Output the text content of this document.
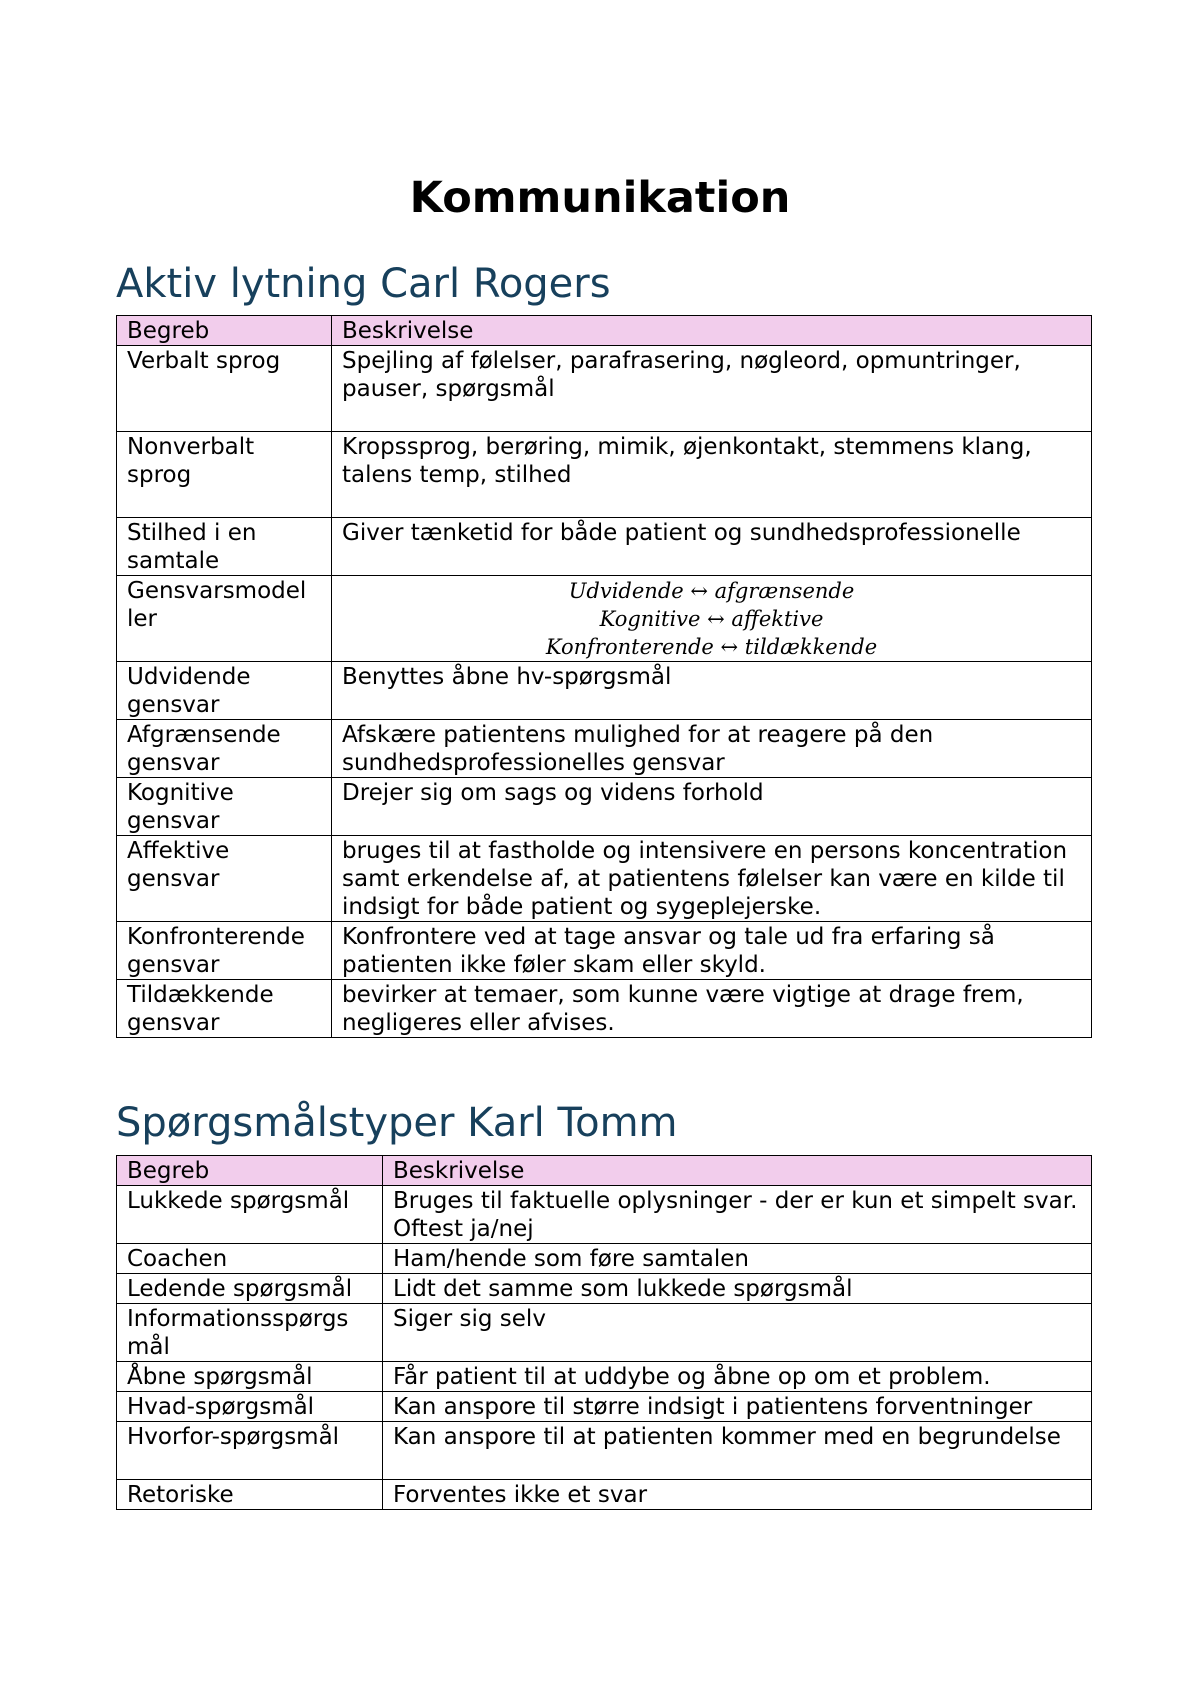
Kommunikation
Aktiv lytning Carl Rogers
Begreb	Beskrivelse
Verbalt sprog	Spejling af følelser, parafrasering, nøgleord, opmuntringer, pauser, spørgsmål
Nonverbalt sprog	Kropssprog, berøring, mimik, øjenkontakt, stemmens klang, talens temp, stilhed
Stilhed i en samtale	Giver tænketid for både patient og sundhedsprofessionelle
Gensvarsmodel ler	Udvidende ↔ afgrænsende
Kognitive ↔ affektive
Konfronterende ↔ tildækkende

Udvidende gensvar	Benyttes åbne hv-spørgsmål
Afgrænsende gensvar	Afskære patientens mulighed for at reagere på den sundhedsprofessionelles gensvar
Kognitive gensvar	Drejer sig om sags og videns forhold
Affektive gensvar	bruges til at fastholde og intensivere en persons koncentration samt erkendelse af, at patientens følelser kan være en kilde til indsigt for både patient og sygeplejerske.
Konfronterende gensvar	Konfrontere ved at tage ansvar og tale ud fra erfaring så patienten ikke føler skam eller skyld.
Tildækkende gensvar	bevirker at temaer, som kunne være vigtige at drage frem, negligeres eller afvises.
Spørgsmålstyper Karl Tomm
Begreb	Beskrivelse
Lukkede spørgsmål	Bruges til faktuelle oplysninger - der er kun et simpelt svar. Oftest ja/nej
Coachen	Ham/hende som føre samtalen
Ledende spørgsmål	Lidt det samme som lukkede spørgsmål
Informationsspørgs mål	Siger sig selv
Åbne spørgsmål	Får patient til at uddybe og åbne op om et problem.
Hvad-spørgsmål	Kan anspore til større indsigt i patientens forventninger
Hvorfor-spørgsmål	Kan anspore til at patienten kommer med en begrundelse
Retoriske	Forventes ikke et svar
